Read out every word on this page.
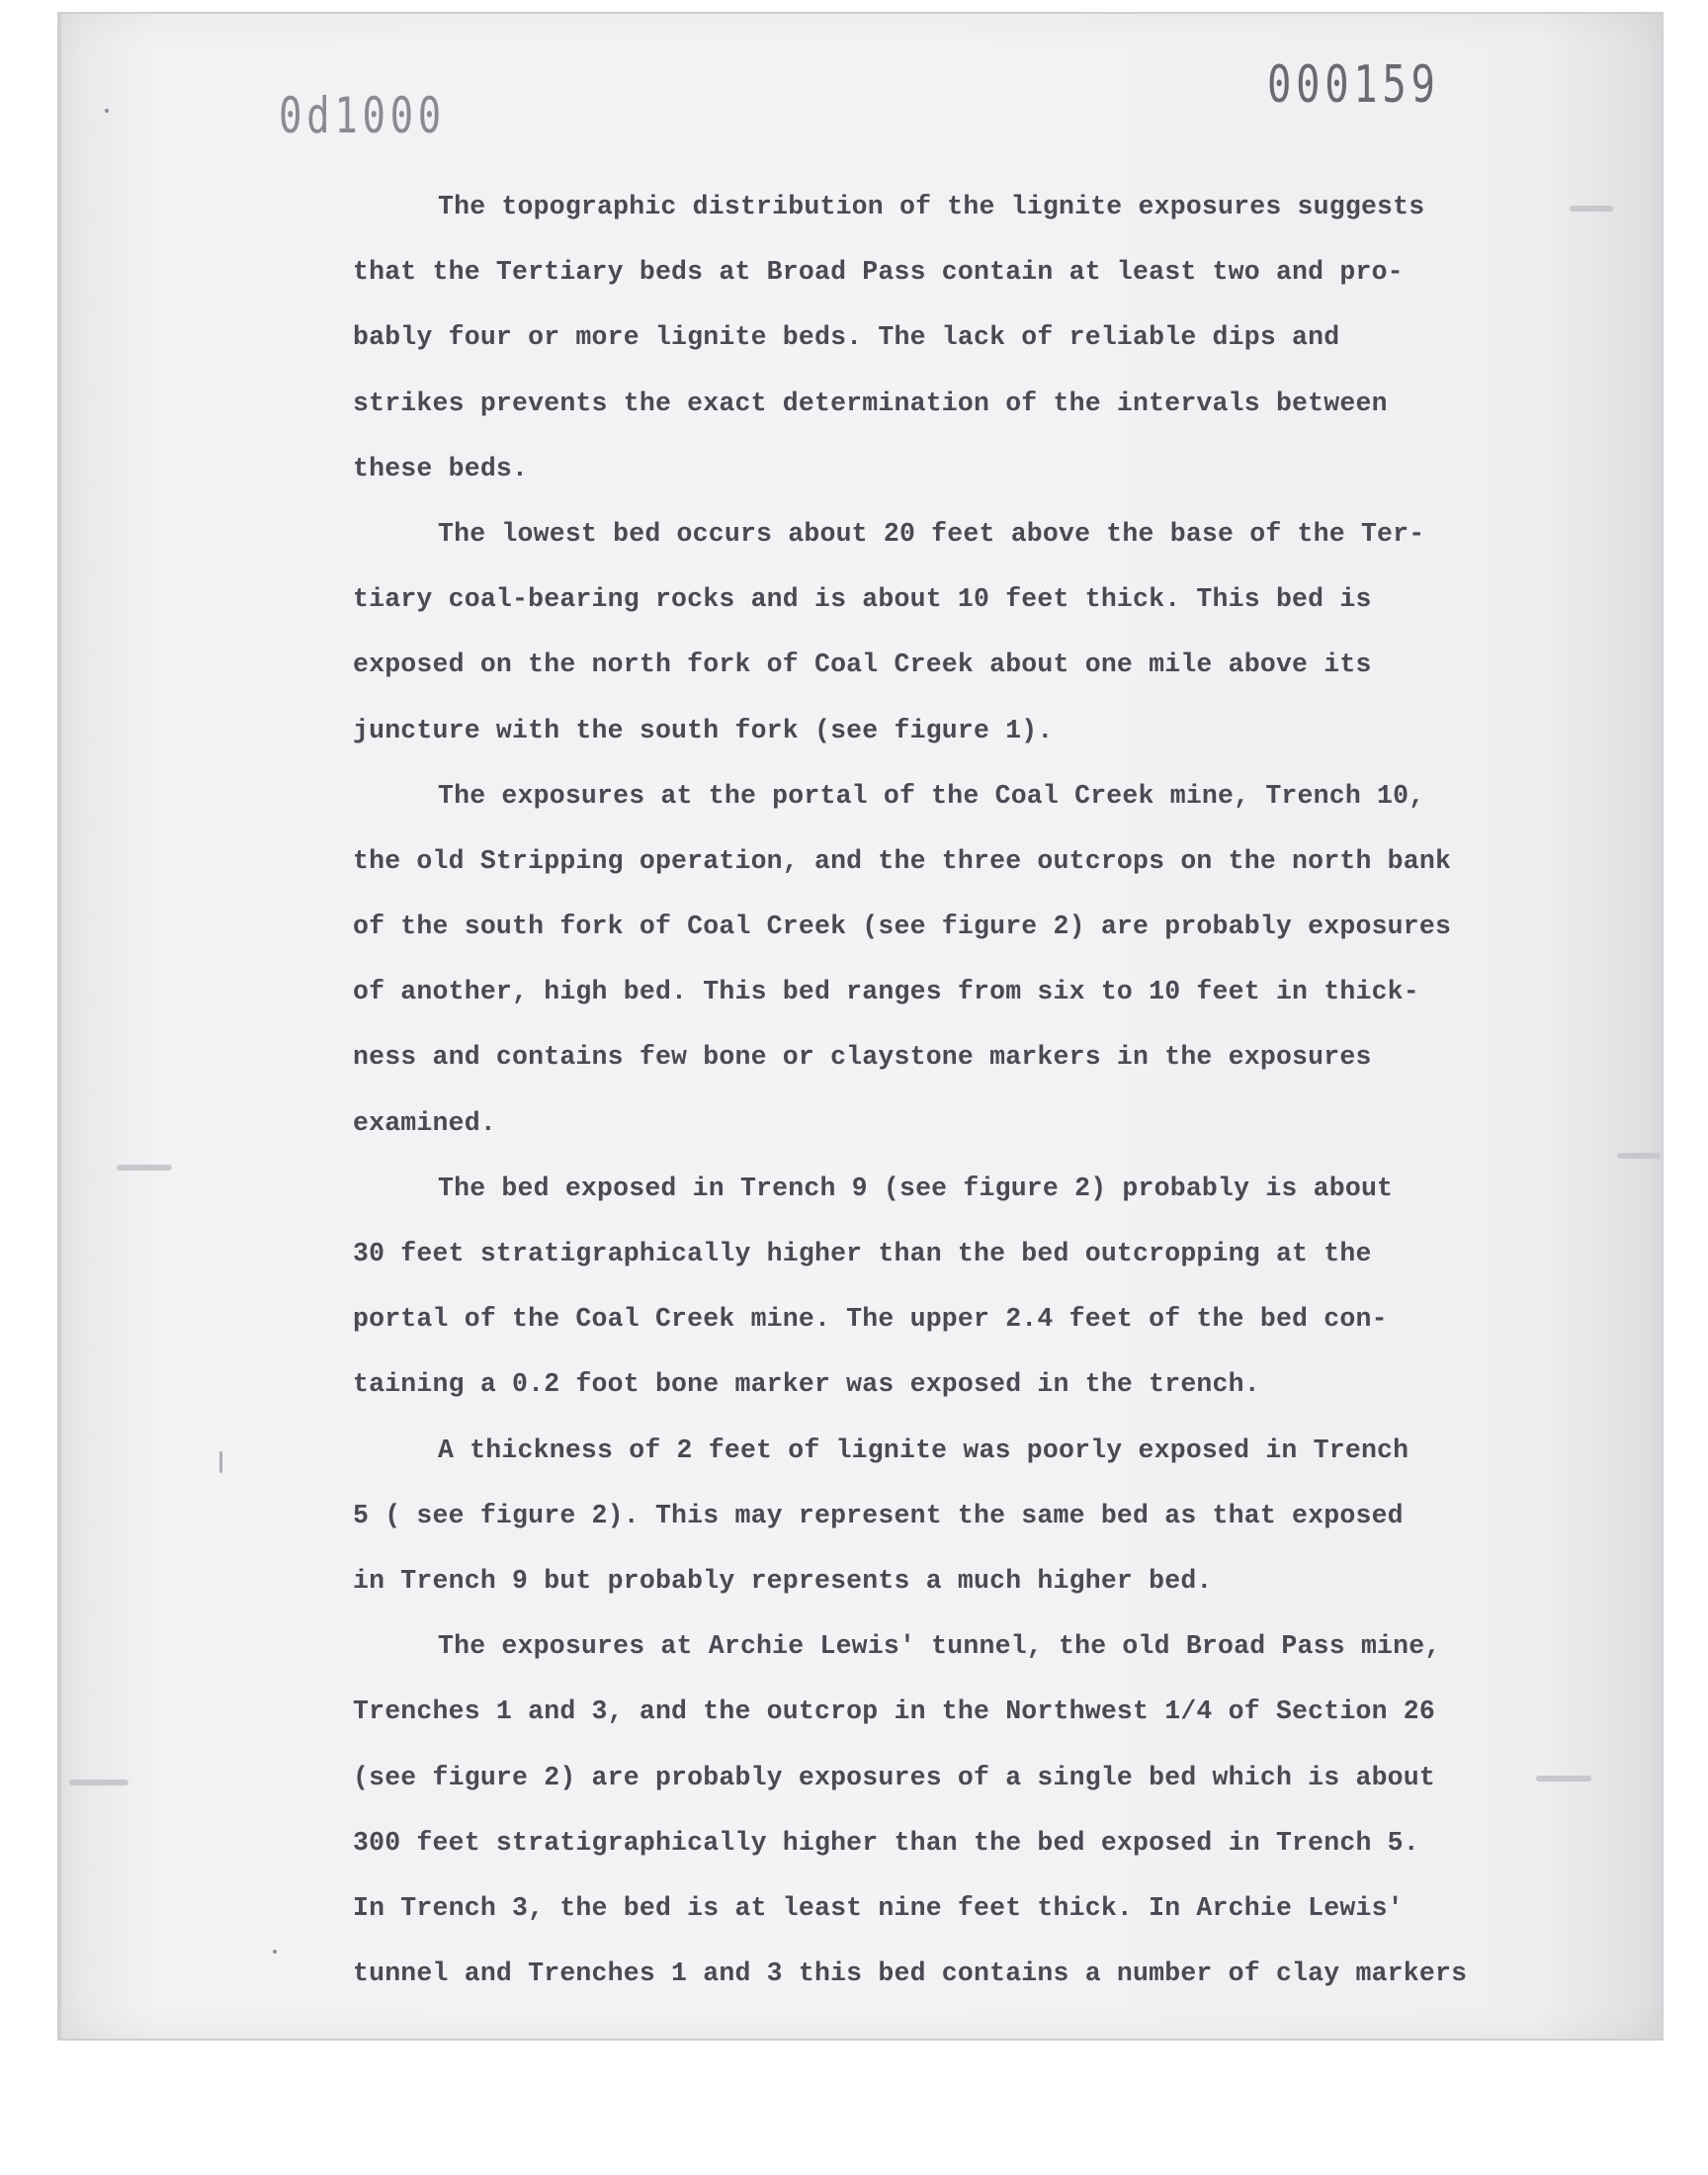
0d1000
000159
The topographic distribution of the lignite exposures suggests
that the Tertiary beds at Broad Pass contain at least two and pro-
bably four or more lignite beds. The lack of reliable dips and
strikes prevents the exact determination of the intervals between
these beds.
The lowest bed occurs about 20 feet above the base of the Ter-
tiary coal-bearing rocks and is about 10 feet thick. This bed is
exposed on the north fork of Coal Creek about one mile above its
juncture with the south fork (see figure 1).
The exposures at the portal of the Coal Creek mine, Trench 10,
the old Stripping operation, and the three outcrops on the north bank
of the south fork of Coal Creek (see figure 2) are probably exposures
of another, high bed. This bed ranges from six to 10 feet in thick-
ness and contains few bone or claystone markers in the exposures
examined.
The bed exposed in Trench 9 (see figure 2) probably is about
30 feet stratigraphically higher than the bed outcropping at the
portal of the Coal Creek mine. The upper 2.4 feet of the bed con-
taining a 0.2 foot bone marker was exposed in the trench.
A thickness of 2 feet of lignite was poorly exposed in Trench
5 ( see figure 2). This may represent the same bed as that exposed
in Trench 9 but probably represents a much higher bed.
The exposures at Archie Lewis' tunnel, the old Broad Pass mine,
Trenches 1 and 3, and the outcrop in the Northwest 1/4 of Section 26
(see figure 2) are probably exposures of a single bed which is about
300 feet stratigraphically higher than the bed exposed in Trench 5.
In Trench 3, the bed is at least nine feet thick. In Archie Lewis'
tunnel and Trenches 1 and 3 this bed contains a number of clay markers
